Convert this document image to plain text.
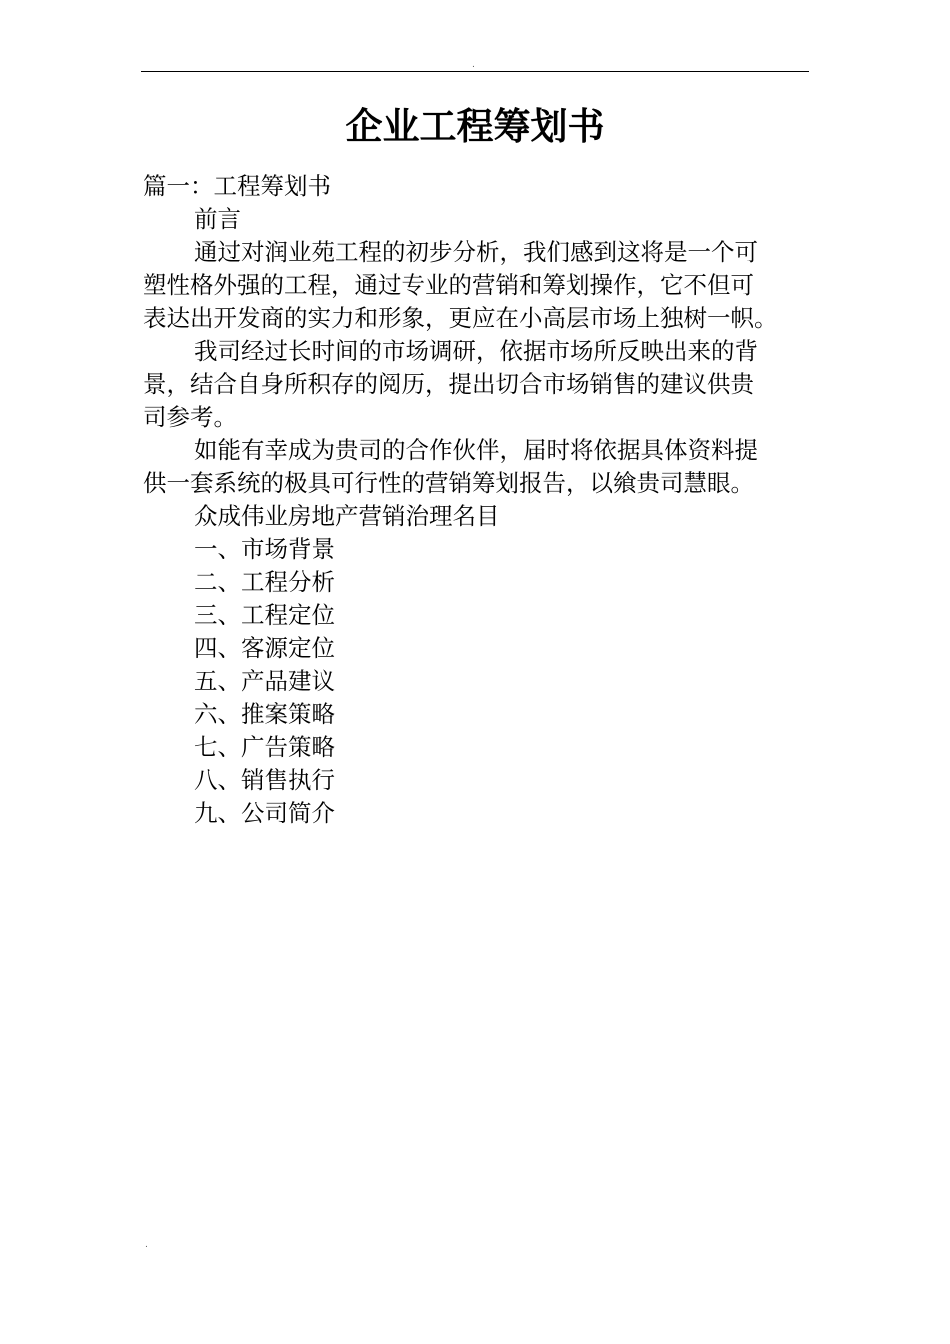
.
企业工程筹划书

篇一：工程筹划书

前言

通过对润业苑工程的初步分析，我们感到这将是一个可

塑性格外强的工程，通过专业的营销和筹划操作，它不但可

表达出开发商的实力和形象，更应在小高层市场上独树一帜。

我司经过长时间的市场调研，依据市场所反映出来的背

景，结合自身所积存的阅历，提出切合市场销售的建议供贵

司参考。

如能有幸成为贵司的合作伙伴，届时将依据具体资料提

供一套系统的极具可行性的营销筹划报告，以飨贵司慧眼。

众成伟业房地产营销治理名目

一、市场背景

二、工程分析

三、工程定位

四、客源定位

五、产品建议

六、推案策略

七、广告策略

八、销售执行

九、公司简介

.
